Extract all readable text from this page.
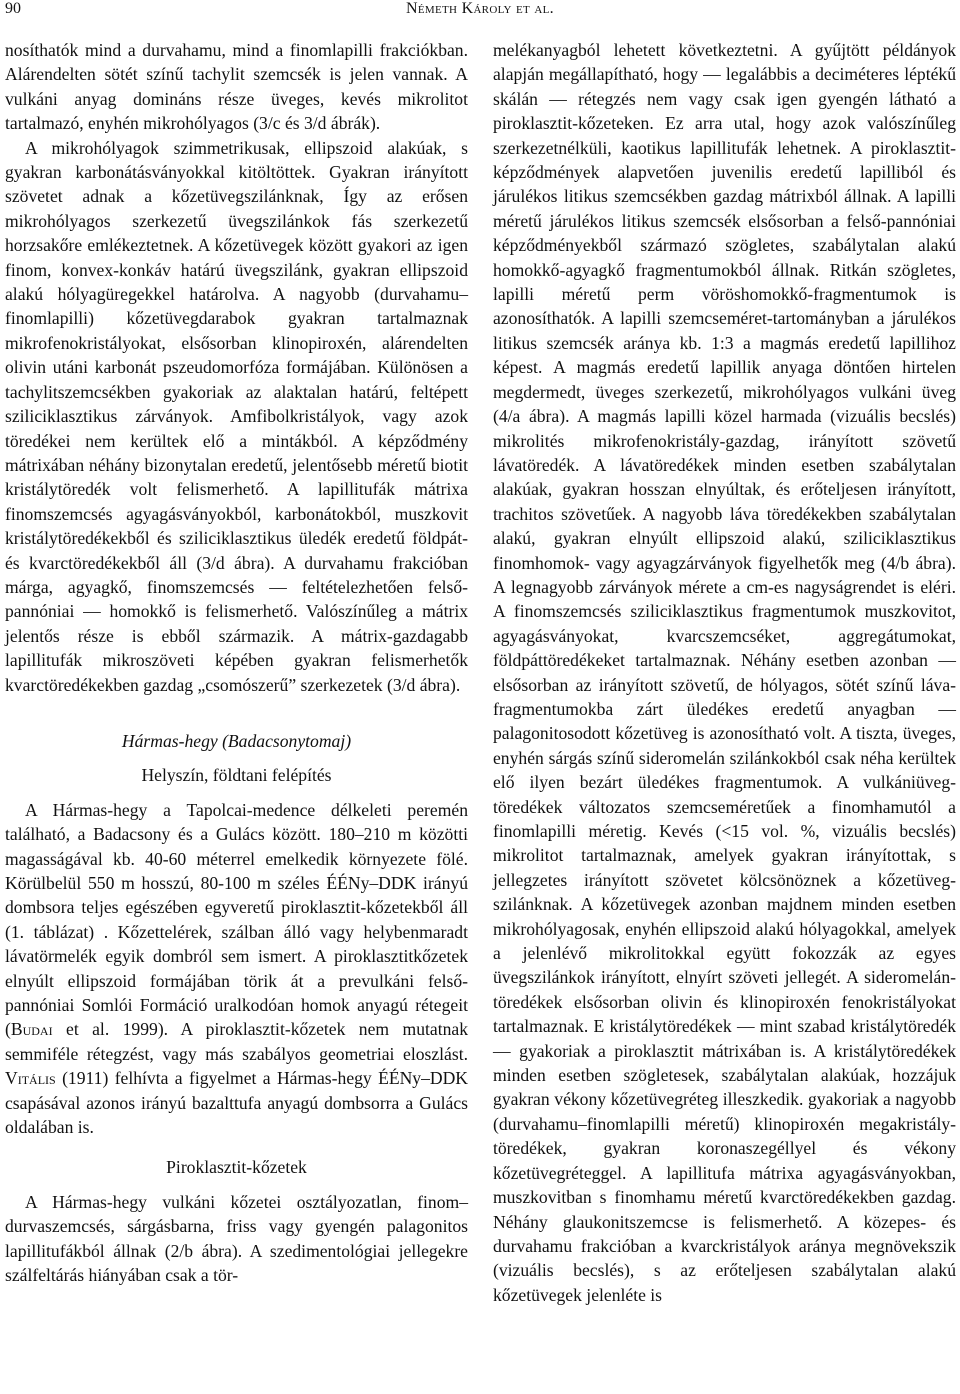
90	Németh Károly et al.

nosíthatók mind a durvahamu, mind a finomlapilli frakciókban. Alárendelten sötét színű tachylit szemcsék is jelen vannak. A vulkáni anyag domináns része üveges, kevés mikrolitot tartalmazó, enyhén mikrohólyagos (3/c és 3/d ábrák).

A mikrohólyagok szimmetrikusak, ellipszoid alakúak, s gyakran karbonátásványokkal kitöltöttek. Gyakran irányított szövetet adnak a kőzetüvegszilánknak, Így az erősen mikrohólyagos szerkezetű üvegszilánkok fás szerkezetű horzsakőre emlékeztetnek. A kőzetüvegek között gyakori az igen finom, konvex-konkáv határú üvegszilánk, gyakran ellipszoid alakú hólyagüregekkel határolva. A nagyobb (durvahamu–finomlapilli) kőzetüvegdarabok gyakran tartalmaznak mikrofenokristályokat, elsősorban klinopiroxén, alárendelten olivin utáni karbonát pszeudomorfóza formájában. Különösen a tachylitszemcsékben gyakoriak az alaktalan határú, feltépett sziliciklasztikus zárványok. Amfibolkristályok, vagy azok töredékei nem kerültek elő a mintákból. A képződmény mátrixában néhány bizonytalan eredetű, jelentősebb méretű biotit kristálytöredék volt felismerhető. A lapillitufák mátrixa finomszemcsés agyagásványokból, karbonátokból, muszkovit kristálytöredékekből és sziliciklasztikus üledék eredetű földpát- és kvarctöredékekből áll (3/d ábra). A durvahamu frakcióban márga, agyagkő, finomszemcsés — feltételezhetően felső-pannóniai — homokkő is felismerhető. Valószínűleg a mátrix jelentős része is ebből származik. A mátrix-gazdagabb lapillitufák mikroszöveti képében gyakran felismerhetők kvarctöredékekben gazdag „csomószerű” szerkezetek (3/d ábra).

Hármas-hegy (Badacsonytomaj)
Helyszín, földtani felépítés

A Hármas-hegy a Tapolcai-medence délkeleti peremén található, a Badacsony és a Gulács között. 180–210 m közötti magasságával kb. 40-60 méterrel emelkedik környezete fölé. Körülbelül 550 m hosszú, 80-100 m széles ÉÉNy–DDK irányú dombsora teljes egészében egyveretű piroklasztit-kőzetekből áll (1. táblázat) . Kőzettelérek, szálban álló vagy helybenmaradt lávatörmelék egyik dombról sem ismert. A piroklasztitkőzetek elnyúlt ellipszoid formájában törik át a prevulkáni felső-pannóniai Somlói Formáció uralkodóan homok anyagú rétegeit (Budai et al. 1999). A piroklasztit-kőzetek nem mutatnak semmiféle rétegzést, vagy más szabályos geometriai eloszlást. Vitális (1911) felhívta a figyelmet a Hármas-hegy ÉÉNy–DDK csapásával azonos irányú bazalttufa anyagú dombsorra a Gulács oldalában is.

Piroklasztit-kőzetek

A Hármas-hegy vulkáni kőzetei osztályozatlan, finom–durvaszemcsés, sárgásbarna, friss vagy gyengén palagonitos lapillitufákból állnak (2/b ábra). A szedimentológiai jellegekre szálfeltárás hiányában csak a tör-

melékanyagból lehetett következtetni. A gyűjtött példányok alapján megállapítható, hogy — legalábbis a deciméteres léptékű skálán — rétegzés nem vagy csak igen gyengén látható a piroklasztit-kőzeteken. Ez arra utal, hogy azok valószínűleg szerkezetnélküli, kaotikus lapillitufák lehetnek. A piroklasztit-képződmények alapvetően juvenilis eredetű lapilliból és járulékos litikus szemcsékben gazdag mátrixból állnak. A lapilli méretű járulékos litikus szemcsék elsősorban a felső-pannóniai képződményekből származó szögletes, szabálytalan alakú homokkő-agyagkő fragmentumokból állnak. Ritkán szögletes, lapilli méretű perm vöröshomokkő-fragmentumok is azonosíthatók. A lapilli szemcseméret-tartományban a járulékos litikus szemcsék aránya kb. 1:3 a magmás eredetű lapillihoz képest. A magmás eredetű lapillik anyaga döntően hirtelen megdermedt, üveges szerkezetű, mikrohólyagos vulkáni üveg (4/a ábra). A magmás lapilli közel harmada (vizuális becslés) mikrolités mikrofenokristály-gazdag, irányított szövetű lávatöredék. A lávatöredékek minden esetben szabálytalan alakúak, gyakran hosszan elnyúltak, és erőteljesen irányított, trachitos szövetűek. A nagyobb láva töredékekben szabálytalan alakú, gyakran elnyúlt ellipszoid alakú, sziliciklasztikus finomhomok- vagy agyagzárványok figyelhetők meg (4/b ábra). A legnagyobb zárványok mérete a cm-es nagyságrendet is eléri. A finomszemcsés sziliciklasztikus fragmentumok muszkovitot, agyagásványokat, kvarcszemcséket, aggregátumokat, földpáttöredékeket tartalmaznak. Néhány esetben azonban — elsősorban az irányított szövetű, de hólyagos, sötét színű láva-fragmentumokba zárt üledékes eredetű anyagban — palagonitosodott kőzetüveg is azonosítható volt. A tiszta, üveges, enyhén sárgás színű sideromelán szilánkokból csak néha kerültek elő ilyen bezárt üledékes fragmentumok. A vulkániüveg-töredékek változatos szemcseméretűek a finomhamutól a finomlapilli méretig. Kevés (<15 vol. %, vizuális becslés) mikrolitot tartalmaznak, amelyek gyakran irányítottak, s jellegzetes irányított szövetet kölcsönöznek a kőzetüveg-szilánknak. A kőzetüvegek azonban majdnem minden esetben mikrohólyagosak, enyhén ellipszoid alakú hólyagokkal, amelyek a jelenlévő mikrolitokkal együtt fokozzák az egyes üvegszilánkok irányított, elnyírt szöveti jellegét. A sideromelán-töredékek elsősorban olivin és klinopiroxén fenokristályokat tartalmaznak. E kristálytöredékek — mint szabad kristálytöredék — gyakoriak a piroklasztit mátrixában is. A kristálytöredékek minden esetben szögletesek, szabálytalan alakúak, hozzájuk gyakran vékony kőzetüvegréteg illeszkedik. gyakoriak a nagyobb (durvahamu–finomlapilli méretű) klinopiroxén megakristály-töredékek, gyakran koronaszegéllyel és vékony kőzetüvegréteggel. A lapillitufa mátrixa agyagásványokban, muszkovitban s finomhamu méretű kvarctöredékekben gazdag. Néhány glaukonitszemcse is felismerhető. A közepes- és durvahamu frakcióban a kvarckristályok aránya megnövekszik (vizuális becslés), s az erőteljesen szabálytalan alakú kőzetüvegek jelenléte is
